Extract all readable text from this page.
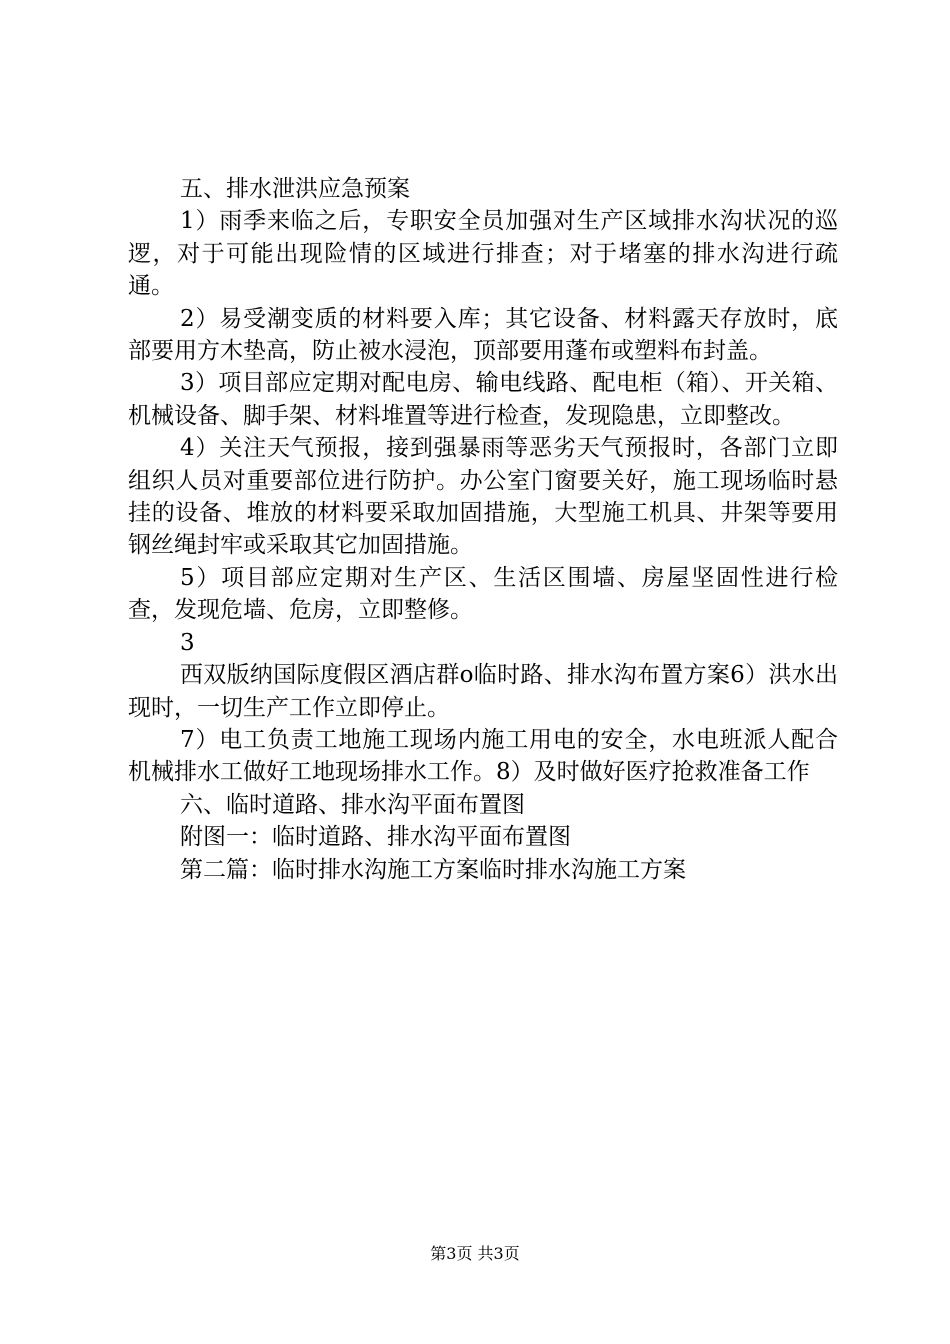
五、排水泄洪应急预案

1）雨季来临之后，专职安全员加强对生产区域排水沟状况的巡逻，对于可能出现险情的区域进行排查；对于堵塞的排水沟进行疏通。

2）易受潮变质的材料要入库；其它设备、材料露天存放时，底部要用方木垫高，防止被水浸泡，顶部要用蓬布或塑料布封盖。

3）项目部应定期对配电房、输电线路、配电柜（箱）、开关箱、机械设备、脚手架、材料堆置等进行检查，发现隐患，立即整改。

4）关注天气预报，接到强暴雨等恶劣天气预报时，各部门立即组织人员对重要部位进行防护。办公室门窗要关好，施工现场临时悬挂的设备、堆放的材料要采取加固措施，大型施工机具、井架等要用钢丝绳封牢或采取其它加固措施。

5）项目部应定期对生产区、生活区围墙、房屋坚固性进行检查，发现危墙、危房，立即整修。

3

西双版纳国际度假区酒店群o临时路、排水沟布置方案6）洪水出现时，一切生产工作立即停止。

7）电工负责工地施工现场内施工用电的安全，水电班派人配合机械排水工做好工地现场排水工作。8）及时做好医疗抢救准备工作

六、临时道路、排水沟平面布置图

附图一：临时道路、排水沟平面布置图

第二篇：临时排水沟施工方案临时排水沟施工方案

第3页 共3页
